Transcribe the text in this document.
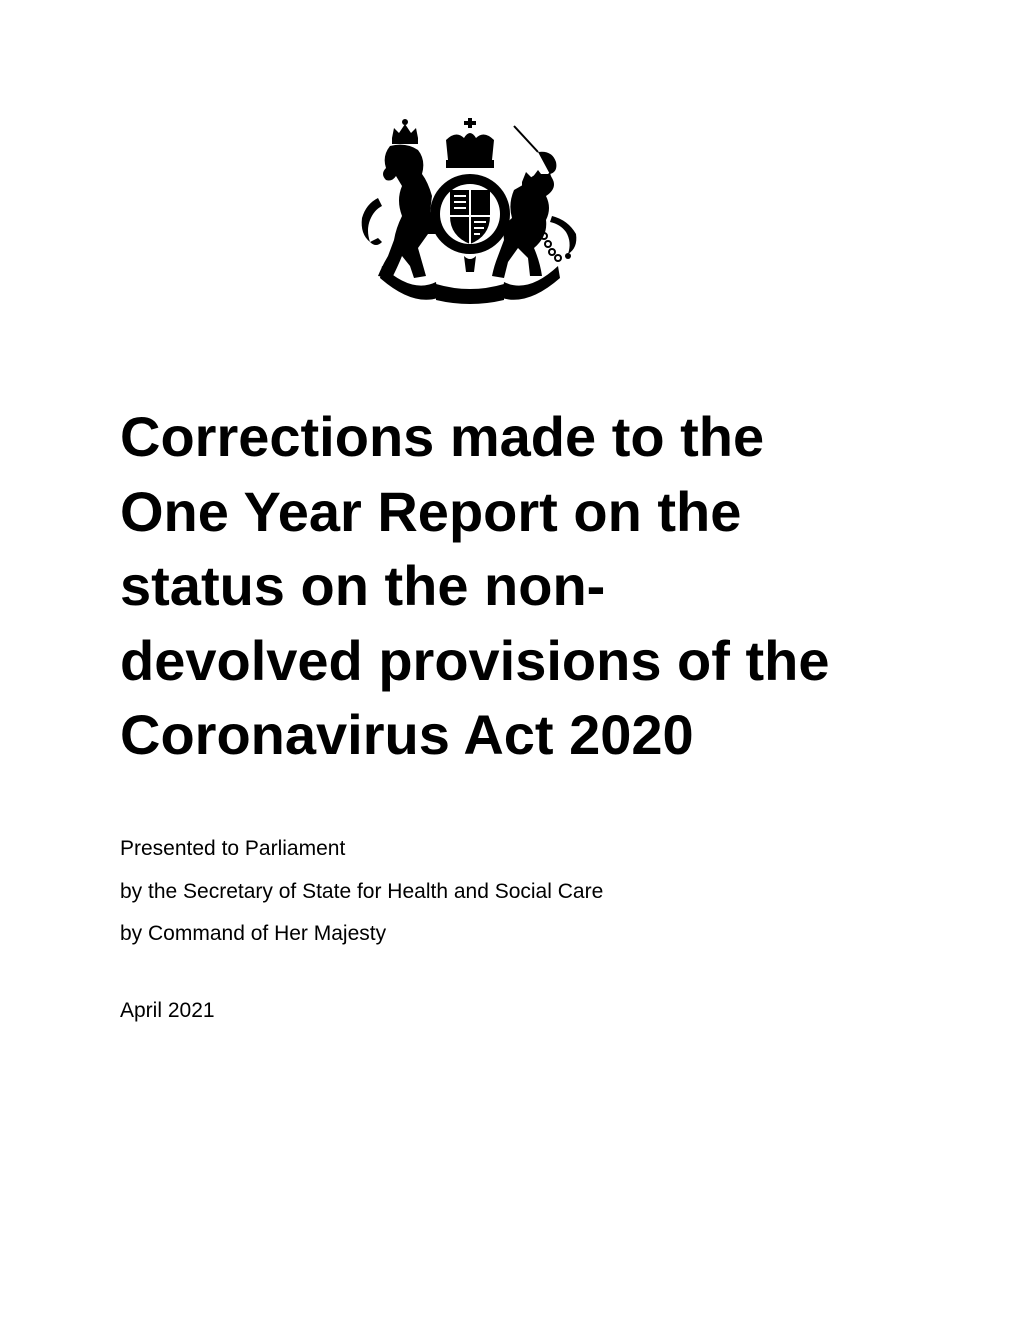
Corrections made to the
One Year Report on the
status on the non-
devolved provisions of the
Coronavirus Act 2020
Presented to Parliament
by the Secretary of State for Health and Social Care
by Command of Her Majesty
April 2021
